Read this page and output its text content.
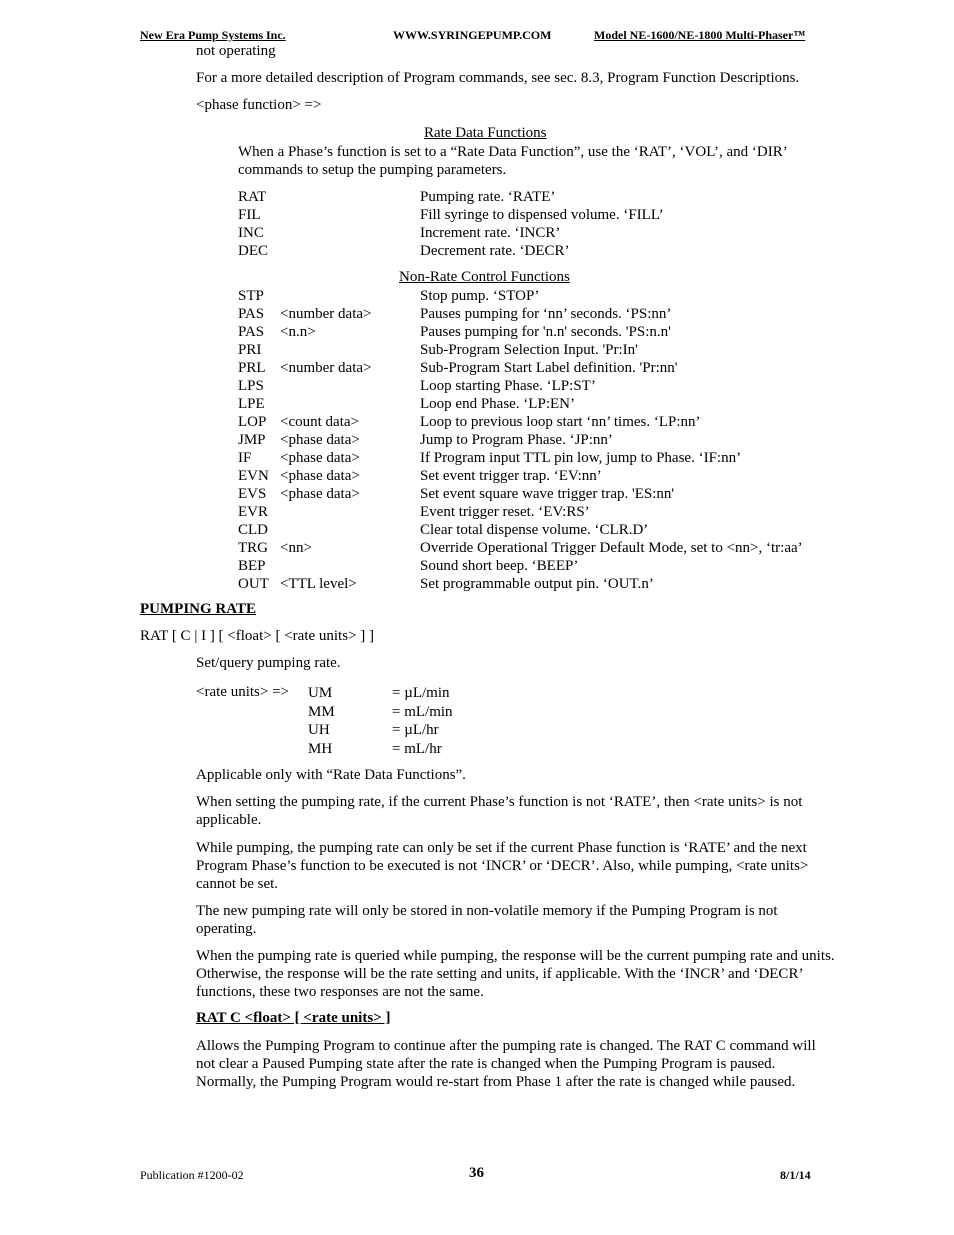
New Era Pump Systems Inc.	WWW.SYRINGEPUMP.COM	Model NE-1600/NE-1800 Multi-Phaser™
not operating
For a more detailed description of Program commands, see sec. 8.3, Program Function Descriptions.
<phase function> =>
Rate Data Functions
When a Phase’s function is set to a “Rate Data Function”, use the ‘RAT’, ‘VOL’, and ‘DIR’ commands to setup the pumping parameters.
RAT	Pumping rate. ‘RATE’
FIL	Fill syringe to dispensed volume. ‘FILL’
INC	Increment rate. ‘INCR’
DEC	Decrement rate. ‘DECR’
Non-Rate Control Functions
STP	Stop pump. ‘STOP’
PAS <number data>	Pauses pumping for ‘nn’ seconds. ‘PS:nn’
PAS <n.n>	Pauses pumping for 'n.n' seconds. 'PS:n.n'
PRI	Sub-Program Selection Input. 'Pr:In'
PRL <number data>	Sub-Program Start Label definition. 'Pr:nn'
LPS	Loop starting Phase. ‘LP:ST’
LPE	Loop end Phase. ‘LP:EN’
LOP <count data>	Loop to previous loop start ‘nn’ times. ‘LP:nn’
JMP <phase data>	Jump to Program Phase. ‘JP:nn’
IF <phase data>	If Program input TTL pin low, jump to Phase. ‘IF:nn’
EVN <phase data>	Set event trigger trap. ‘EV:nn’
EVS <phase data>	Set event square wave trigger trap. 'ES:nn'
EVR	Event trigger reset. ‘EV:RS’
CLD	Clear total dispense volume. ‘CLR.D’
TRG <nn>	Override Operational Trigger Default Mode, set to <nn>, ‘tr:aa’
BEP	Sound short beep. ‘BEEP’
OUT <TTL level>	Set programmable output pin. ‘OUT.n’
PUMPING RATE
RAT [ C | I ] [ <float> [ <rate units> ] ]
Set/query pumping rate.
<rate units> => UM	= µL/min
MM	= mL/min
UH	= µL/hr
MH	= mL/hr
Applicable only with “Rate Data Functions”.
When setting the pumping rate, if the current Phase’s function is not ‘RATE’, then <rate units> is not applicable.
While pumping, the pumping rate can only be set if the current Phase function is ‘RATE’ and the next Program Phase’s function to be executed is not ‘INCR’ or ‘DECR’. Also, while pumping, <rate units> cannot be set.
The new pumping rate will only be stored in non-volatile memory if the Pumping Program is not operating.
When the pumping rate is queried while pumping, the response will be the current pumping rate and units. Otherwise, the response will be the rate setting and units, if applicable. With the ‘INCR’ and ‘DECR’ functions, these two responses are not the same.
RAT C <float> [ <rate units> ]
Allows the Pumping Program to continue after the pumping rate is changed. The RAT C command will not clear a Paused Pumping state after the rate is changed when the Pumping Program is paused. Normally, the Pumping Program would re-start from Phase 1 after the rate is changed while paused.
Publication #1200-02	36	8/1/14
